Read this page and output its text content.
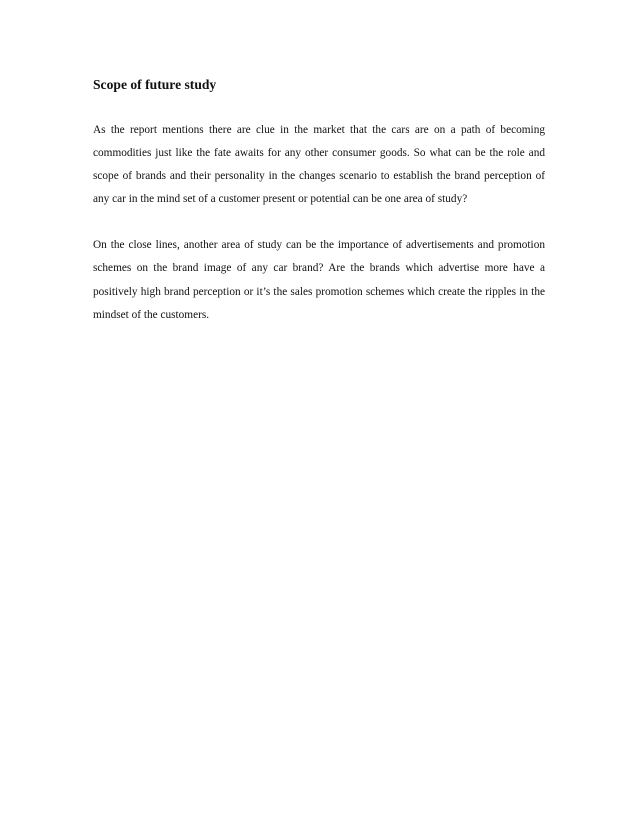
Scope of future study

As the report mentions there are clue in the market that the cars are on a path of becoming commodities just like the fate awaits for any other consumer goods. So what can be the role and scope of brands and their personality in the changes scenario to establish the brand perception of any car in the mind set of a customer present or potential can be one area of study?

On the close lines, another area of study can be the importance of advertisements and promotion schemes on the brand image of any car brand? Are the brands which advertise more have a positively high brand perception or it’s the sales promotion schemes which create the ripples in the mindset of the customers.
